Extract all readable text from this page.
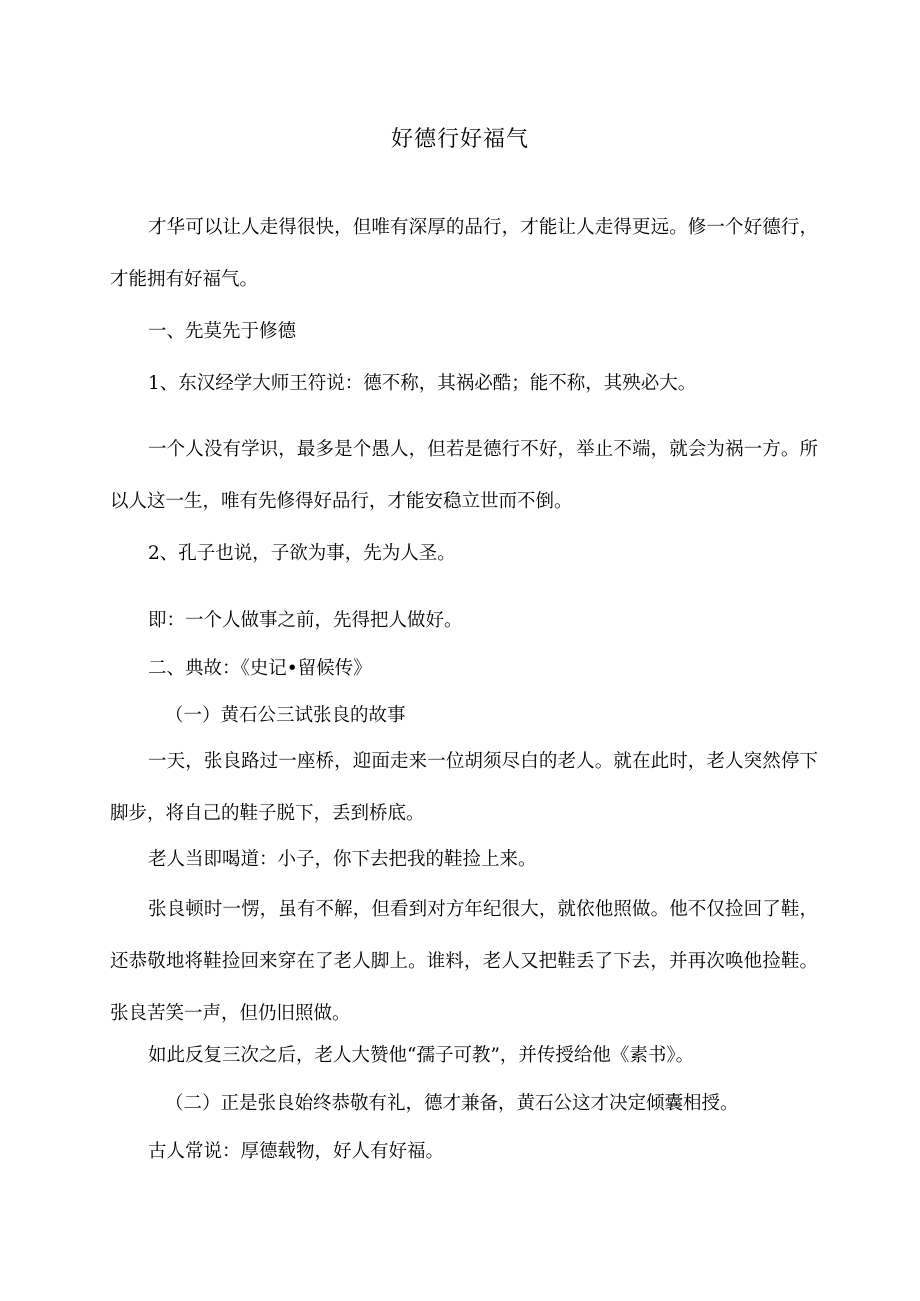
好德行好福气

才华可以让人走得很快，但唯有深厚的品行，才能让人走得更远。修一个好德行，才能拥有好福气。

一、先莫先于修德

1、东汉经学大师王符说：德不称，其祸必酷；能不称，其殃必大。

一个人没有学识，最多是个愚人，但若是德行不好，举止不端，就会为祸一方。所以人这一生，唯有先修得好品行，才能安稳立世而不倒。

2、孔子也说，子欲为事，先为人圣。

即：一个人做事之前，先得把人做好。

二、典故：《史记•留候传》

（一）黄石公三试张良的故事

一天，张良路过一座桥，迎面走来一位胡须尽白的老人。就在此时，老人突然停下脚步，将自己的鞋子脱下，丢到桥底。

老人当即喝道：小子，你下去把我的鞋捡上来。

张良顿时一愣，虽有不解，但看到对方年纪很大，就依他照做。他不仅捡回了鞋，还恭敬地将鞋捡回来穿在了老人脚上。谁料，老人又把鞋丢了下去，并再次唤他捡鞋。张良苦笑一声，但仍旧照做。

如此反复三次之后，老人大赞他“孺子可教”，并传授给他《素书》。

（二）正是张良始终恭敬有礼，德才兼备，黄石公这才决定倾囊相授。

古人常说：厚德载物，好人有好福。
